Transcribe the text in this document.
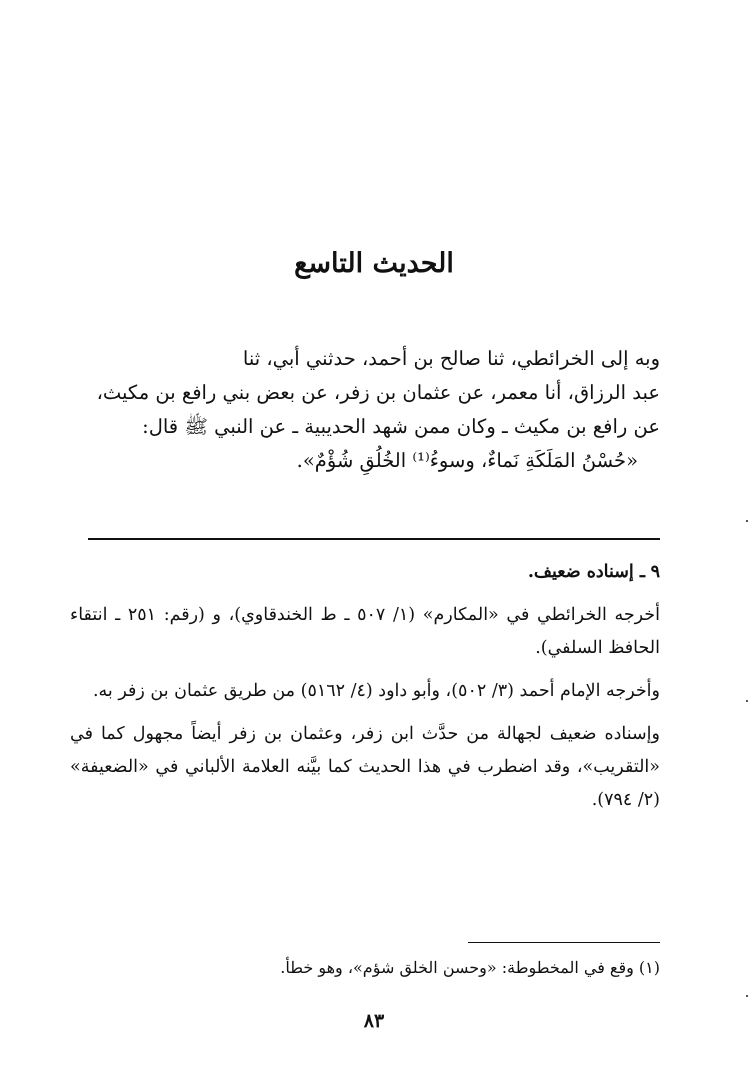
الحديث التاسع

وبه إلى الخرائطي، ثنا صالح بن أحمد، حدثني أبي، ثنا

عبد الرزاق، أنا معمر، عن عثمان بن زفر، عن بعض بني رافع بن مكيث،

عن رافع بن مكيث ـ وكان ممن شهد الحديبية ـ عن النبي ﷺ قال:

«حُسْنُ المَلَكَةِ نَماءٌ، وسوءُ⁽¹⁾ الخُلُقِ شُؤْمٌ».

٩ ـ إسناده ضعيف.

أخرجه الخرائطي في «المكارم» (١/ ٥٠٧ ـ ط الخندقاوي)، و (رقم: ٢٥١ ـ انتقاء الحافظ السلفي).

وأخرجه الإمام أحمد (٣/ ٥٠٢)، وأبو داود (٤/ ٥١٦٢) من طريق عثمان بن زفر به.

وإسناده ضعيف لجهالة من حدَّث ابن زفر، وعثمان بن زفر أيضاً مجهول كما في «التقريب»، وقد اضطرب في هذا الحديث كما بيَّنه العلامة الألباني في «الضعيفة» (٢/ ٧٩٤).

(١) وقع في المخطوطة: «وحسن الخلق شؤم»، وهو خطأ.
٨٣
